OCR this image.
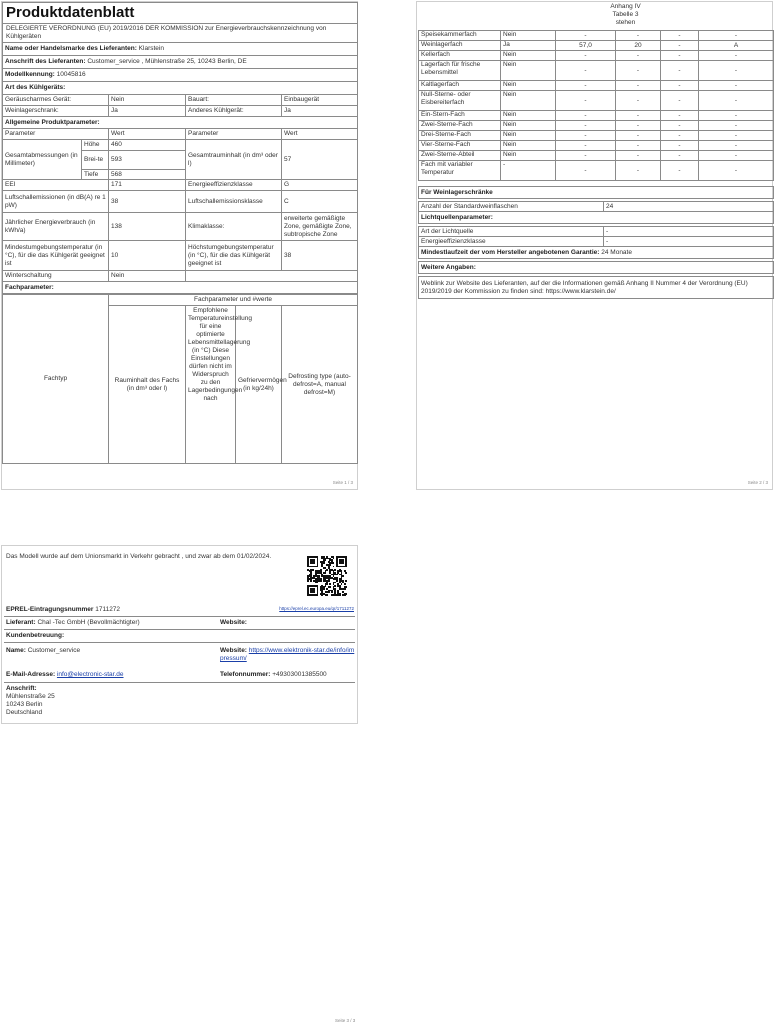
Produktdatenblatt				
DELEGIERTE VERORDNUNG (EU) 2019/2016 DER KOMMISSION zur Energieverbrauchskennzeichnung von Kühlgeräten				
Name oder Handelsmarke des Lieferanten: Klarstein				
Anschrift des Lieferanten: Customer_service , Mühlenstraße 25, 10243 Berlin, DE				
Modellkennung: 10045816				
Art des Kühlgeräts:				
Geräuscharmes Gerät:		Nein	Bauart:	Einbaugerät
Weinlagerschrank:		Ja	Anderes Kühlgerät:	Ja
Allgemeine Produktparameter:				
Parameter		Wert	Parameter	Wert
Gesamtabmessungen (in Millimeter)	Höhe	460	Gesamtrauminhalt (in dm³ oder l)	57
	Brei-te	593		
	Tiefe	568		
EEI		171	Energieeffizienzklasse	G
Luftschallemissionen (in dB(A) re 1 pW)		38	Luftschallemissionsklasse	C
Jährlicher Energieverbrauch (in kWh/a)		138	Klimaklasse:	erweiterte gemäßigte Zone, gemäßigte Zone, subtropische Zone
Mindestumgebungstemperatur (in °C), für die das Kühlgerät geeignet ist		10	Höchstumgebungstemperatur (in °C), für die das Kühlgerät geeignet ist	38
Winterschaltung		Nein		
Fachparameter:				
Fachtyp	Fachparameter und #werte			
	Rauminhalt des Fachs (in dm³ oder l)	Empfohlene Temperatureinstellung für eine optimierte Lebensmittellagerung (in °C) Diese Einstellungen dürfen nicht im Widerspruch zu den Lagerbedingungen nach	Gefriervermögen (in kg/24h)	Defrosting type (auto-defrost=A, manual defrost=M)
Seite 1 / 3
Anhang IV Tabelle 3 stehen
Speisekammerfach	Nein	-	-	-	-
Weinlagerfach	Ja	57,0	20	-	A
Kellerfach	Nein	-	-	-	-
Lagerfach für frische Lebensmittel	Nein	-	-	-	-
Kaltlagerfach	Nein	-	-	-	-
Null-Sterne- oder Eisbereiterfach	Nein	-	-	-	-
Ein-Stern-Fach	Nein	-	-	-	-
Zwei-Sterne-Fach	Nein	-	-	-	-
Drei-Sterne-Fach	Nein	-	-	-	-
Vier-Sterne-Fach	Nein	-	-	-	-
Zwei-Sterne-Abteil	Nein	-	-	-	-
Fach mit variabler Temperatur	-	-	-	-	-
Für Weinlagerschränke	

Anzahl der Standardweinflaschen	24
Lichtquellenparameter:	

Art der Lichtquelle	-
Energieeffizienzklasse	-
Mindestlaufzeit der vom Hersteller angebotenen Garantie: 24 Monate	

Weitere Angaben:	

Weblink zur Website des Lieferanten, auf der die Informationen gemäß Anhang II Nummer 4 der Verordnung (EU) 2019/2019 der Kommission zu finden sind: https://www.klarstein.de/	
Seite 2 / 3
Das Modell wurde auf dem Unionsmarkt in Verkehr gebracht , und zwar ab dem 01/02/2024.
EPREL-Eintragungsnummer 1711272	https://eprel.ec.europa.eu/qr/1711272
Lieferant: Chal -Tec GmbH (Bevollmächtigter)	Website:
Kundenbetreuung:
Name: Customer_service	Website: https://www.elektronik-star.de/info/impressum/
E-Mail-Adresse: info@electronic-star.de	Telefonnummer: +49303001385500
Anschrift:
Mühlenstraße 25
10243 Berlin
Deutschland
Seite 3 / 3
